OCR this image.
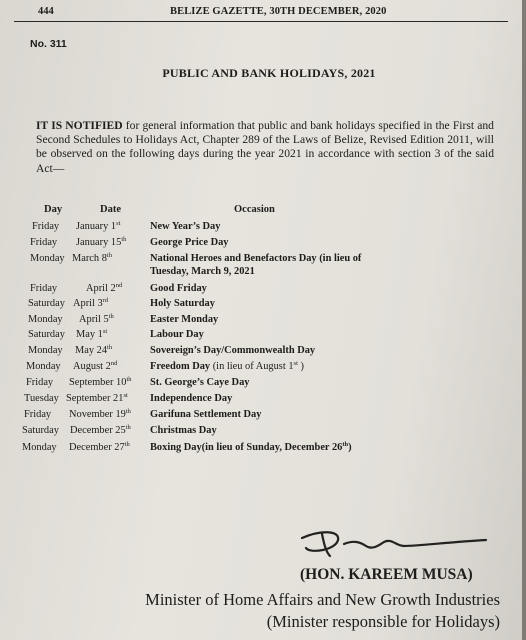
444	BELIZE GAZETTE, 30TH DECEMBER, 2020
No. 311
PUBLIC AND BANK HOLIDAYS, 2021
IT IS NOTIFIED for general information that public and bank holidays specified in the First and Second Schedules to Holidays Act, Chapter 289 of the Laws of Belize, Revised Edition 2011, will be observed on the following days during the year 2021 in accordance with section 3 of the said Act—
Day	Date	Occasion
Friday January 1st	New Year’s Day
Friday January 15th George Price Day
Monday March 8th	National Heroes and Benefactors Day (in lieu of Tuesday, March 9, 2021
Friday	April 2nd	Good Friday
Saturday April 3rd	Holy Saturday
Monday April 5th	Easter Monday
Saturday May 1st	Labour Day
Monday May 24th	Sovereign’s Day/Commonwealth Day
Monday August 2nd	Freedom Day (in lieu of August 1st )
Friday September 10th St. George’s Caye Day
Tuesday September 21st Independence Day
Friday November 19th Garifuna Settlement Day
Saturday December 25th Christmas Day
Monday December 27th Boxing Day(in lieu of Sunday, December 26th)
(HON. KAREEM MUSA)
Minister of Home Affairs and New Growth Industries
(Minister responsible for Holidays)
